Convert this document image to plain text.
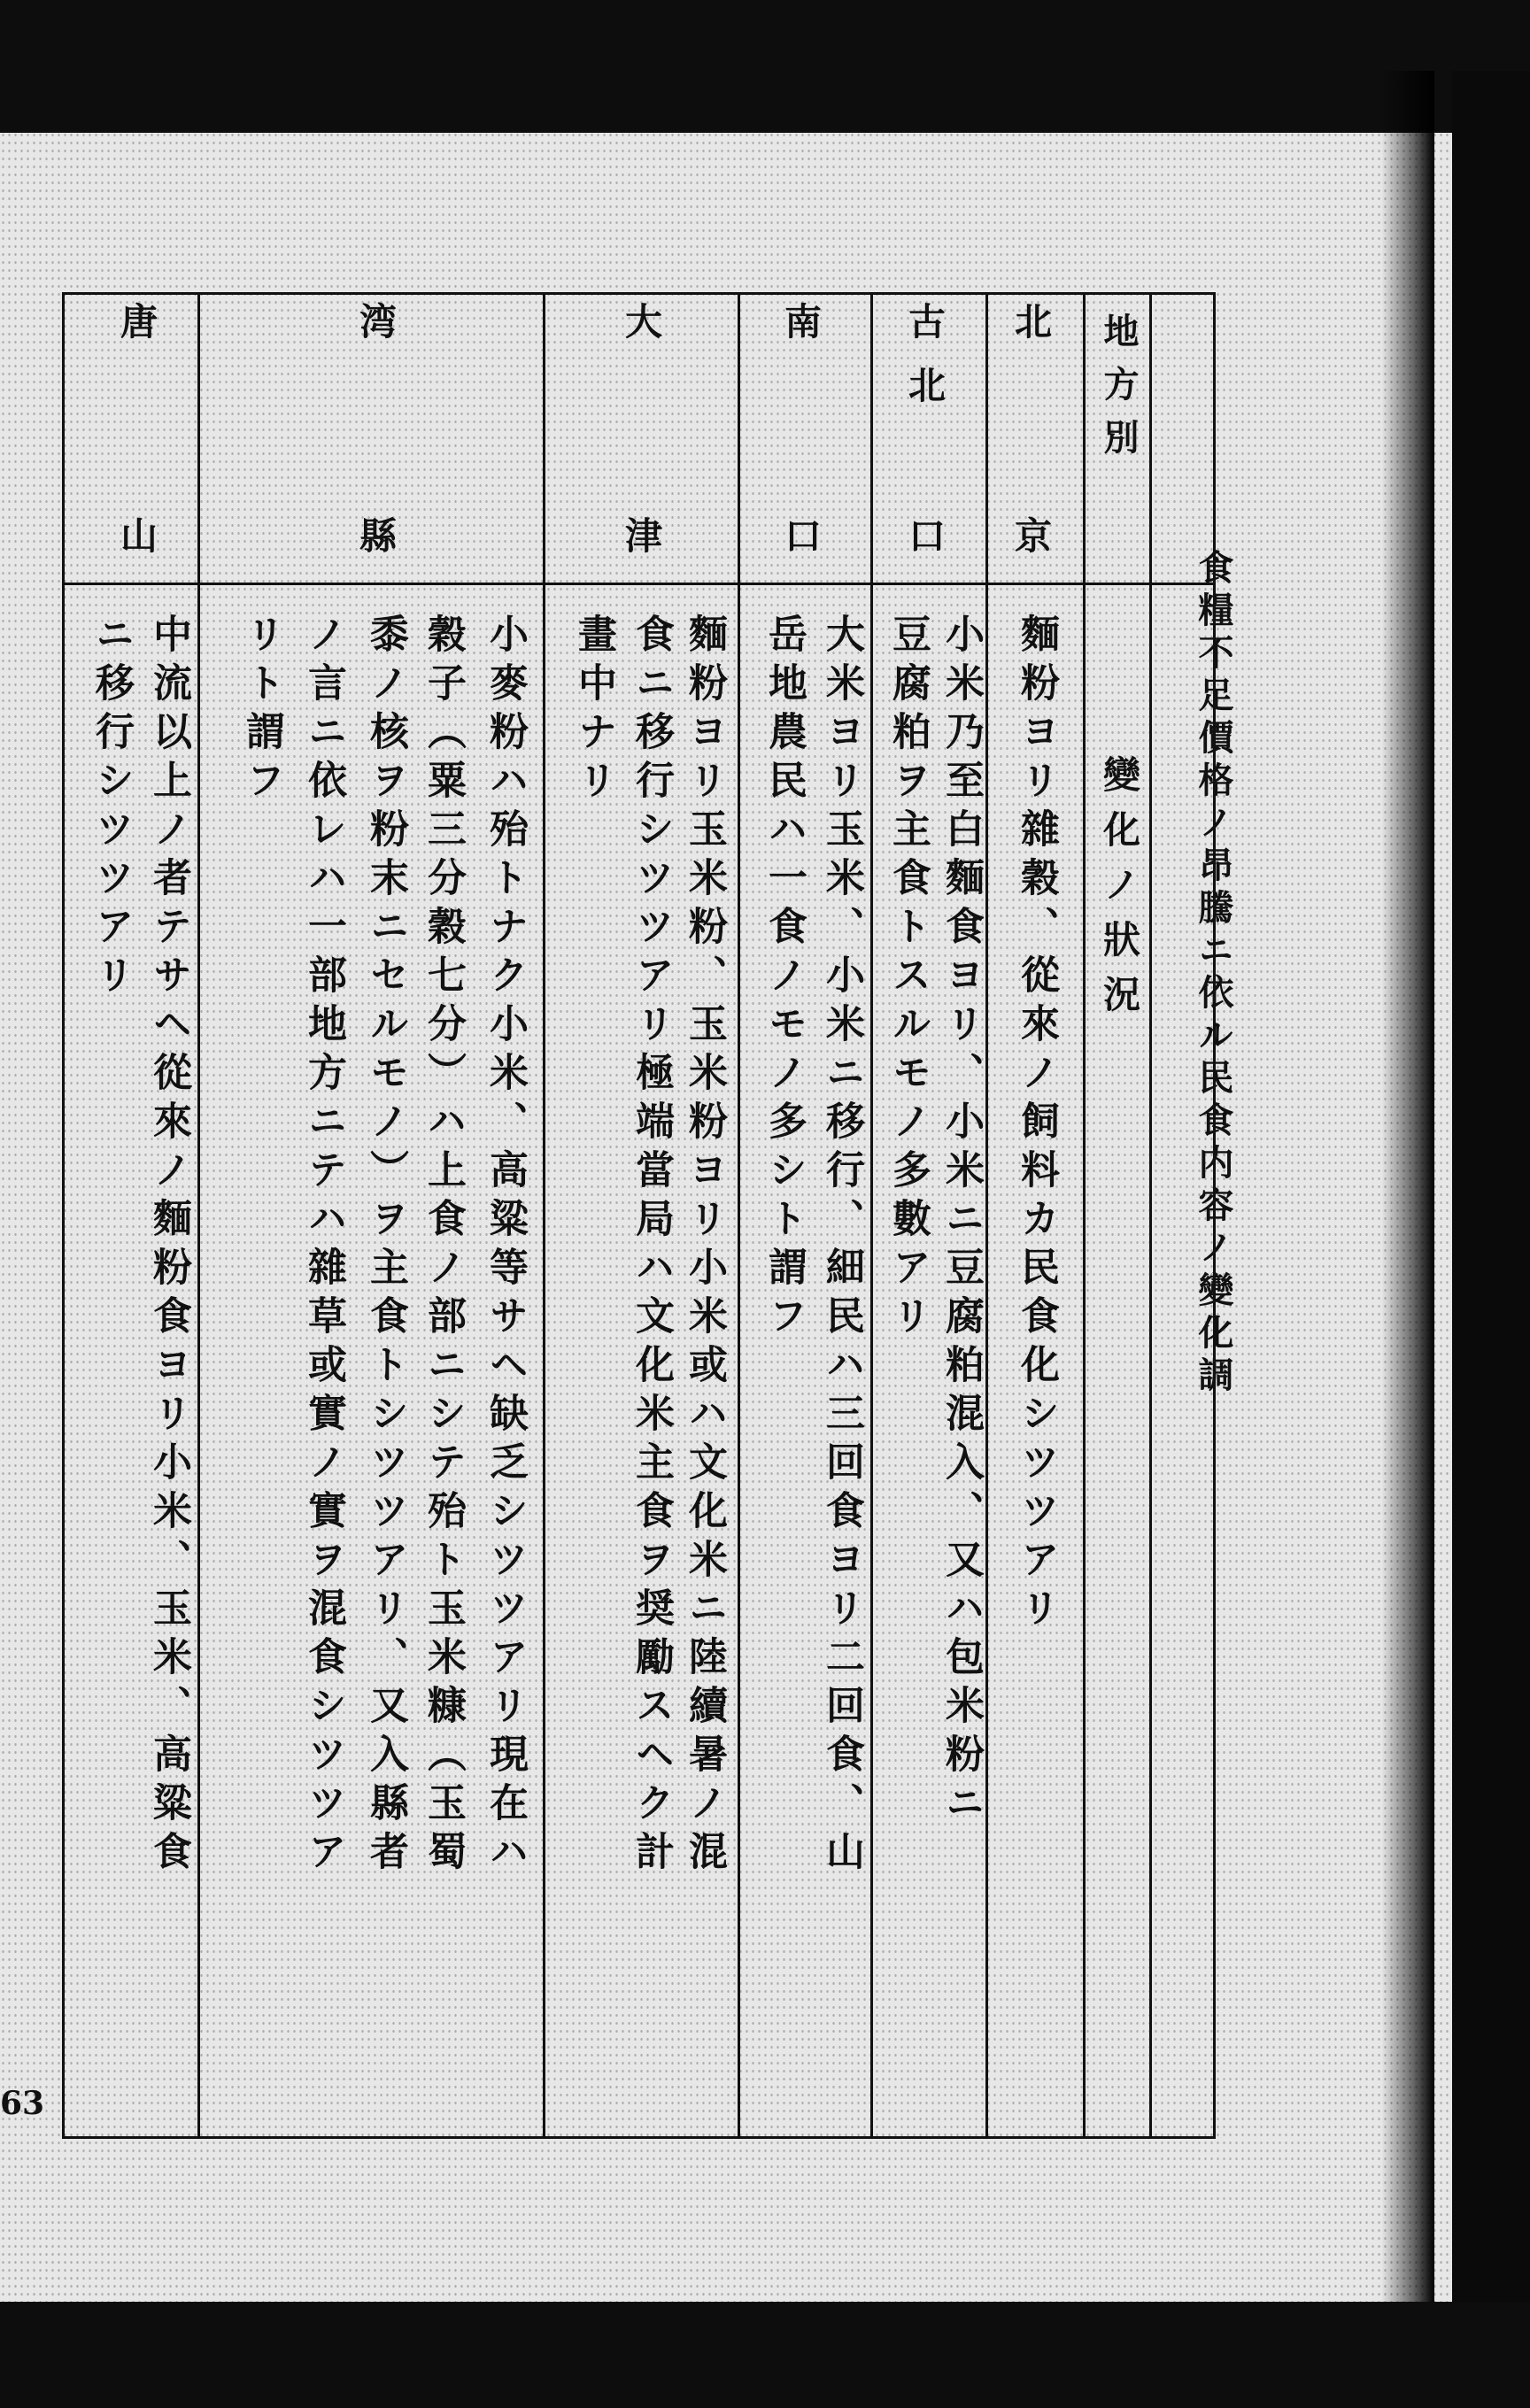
食糧不足價格ノ昂騰ニ依ル民食内容ノ變化調
地方別
變化ノ狀況
北
京
麵粉ヨリ雜穀、從來ノ飼料カ民食化シツツアリ
古北
口
小米乃至白麵食ヨリ、小米ニ豆腐粕混入、又ハ包米粉ニ
豆腐粕ヲ主食トスルモノ多數アリ
南
口
大米ヨリ玉米、小米ニ移行、細民ハ三回食ヨリ二回食、山
岳地農民ハ一食ノモノ多シト謂フ
大
津
麵粉ヨリ玉米粉、玉米粉ヨリ小米或ハ文化米ニ陸續暑ノ混
食ニ移行シツツアリ極端當局ハ文化米主食ヲ奨勵スヘク計
畫中ナリ
湾
縣
小麥粉ハ殆トナク小米、高粱等サヘ缺乏シツツアリ現在ハ
穀子（粟三分穀七分）ハ上食ノ部ニシテ殆ト玉米糠（玉蜀
黍ノ核ヲ粉末ニセルモノ）ヲ主食トシツツアリ、又入縣者
ノ言ニ依レハ一部地方ニテハ雜草或實ノ實ヲ混食シツツア
リト謂フ
唐
山
中流以上ノ者テサヘ從來ノ麵粉食ヨリ小米、玉米、高粱食
ニ移行シツツアリ
63
